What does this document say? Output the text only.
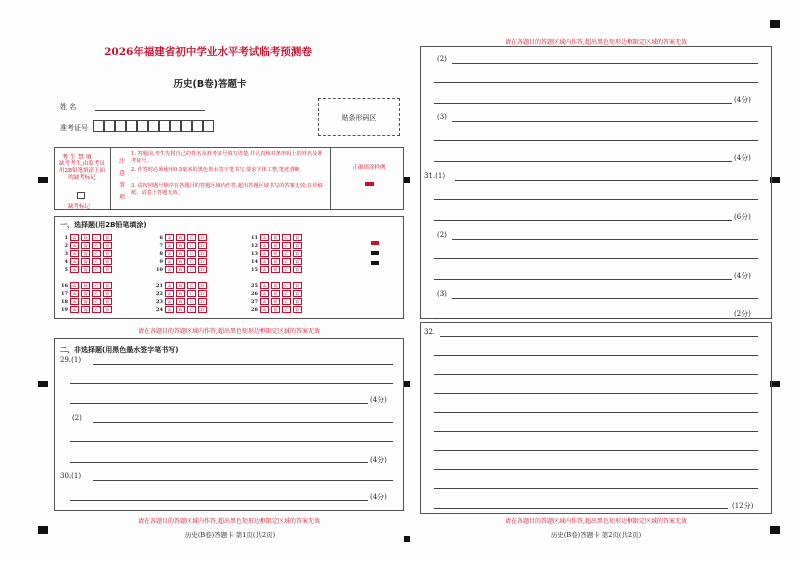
2026年福建省初中学业水平考试临考预测卷
历史(B卷)答题卡
姓 名
准考证号
贴条形码区
考 生 禁 填
缺考考生,由监考员用2B铅笔填涂下面的缺考标记
缺考标记
注
意
事
项
1. 答题前,考生先将自己的姓名及准考证号填写清楚,并认真核对条形码上的姓名及准考证号。
2. 作答时必须使用0.5毫米的黑色墨水签字笔书写,要求字体工整,笔迹清晰。
3. 请按照题号顺序在各题目的答题区域内作答,超出答题区域书写的答案无效;在草稿纸、试卷上答题无效。
正确填涂样例
一、选择题(用2B铅笔填涂)
1	A	B	C	D
2	A	B	C	D
3	A	B	C	D
4	A	B	C	D
5	A	B	C	D
16	A	B	C	D
17	A	B	C	D
18	A	B	C	D
19	A	B	C	D
6	A	B	C	D
7	A	B	C	D
8	A	B	C	D
9	A	B	C	D
10	A	B	C	D
21	A	B	C	D
22	A	B	C	D
23	A	B	C	D
24	A	B	C	D
11	A	B	C	D
12	A	B	C	D
13	A	B	C	D
14	A	B	C	D
15	A	B	C	D
25	A	B	C	D
26	A	B	C	D
27	A	B	C	D
28	A	B	C	D
请在各题目的答题区域内作答,超出黑色矩形边框限定区域的答案无效
二、非选择题(用黑色墨水签字笔书写)
29.(1)
(4分)
(2)
(4分)
30.(1)
(4分)
请在各题目的答题区域内作答,超出黑色矩形边框限定区域的答案无效
历史(B卷)答题卡 第1页(共2页)
请在各题目的答题区域内作答,超出黑色矩形边框限定区域的答案无效
(2)
(4分)
(3)
(4分)
31.(1)
(6分)
(2)
(4分)
(3)
(2分)
32.
(12分)
请在各题目的答题区域内作答,超出黑色矩形边框限定区域的答案无效
历史(B卷)答题卡 第2页(共2页)
